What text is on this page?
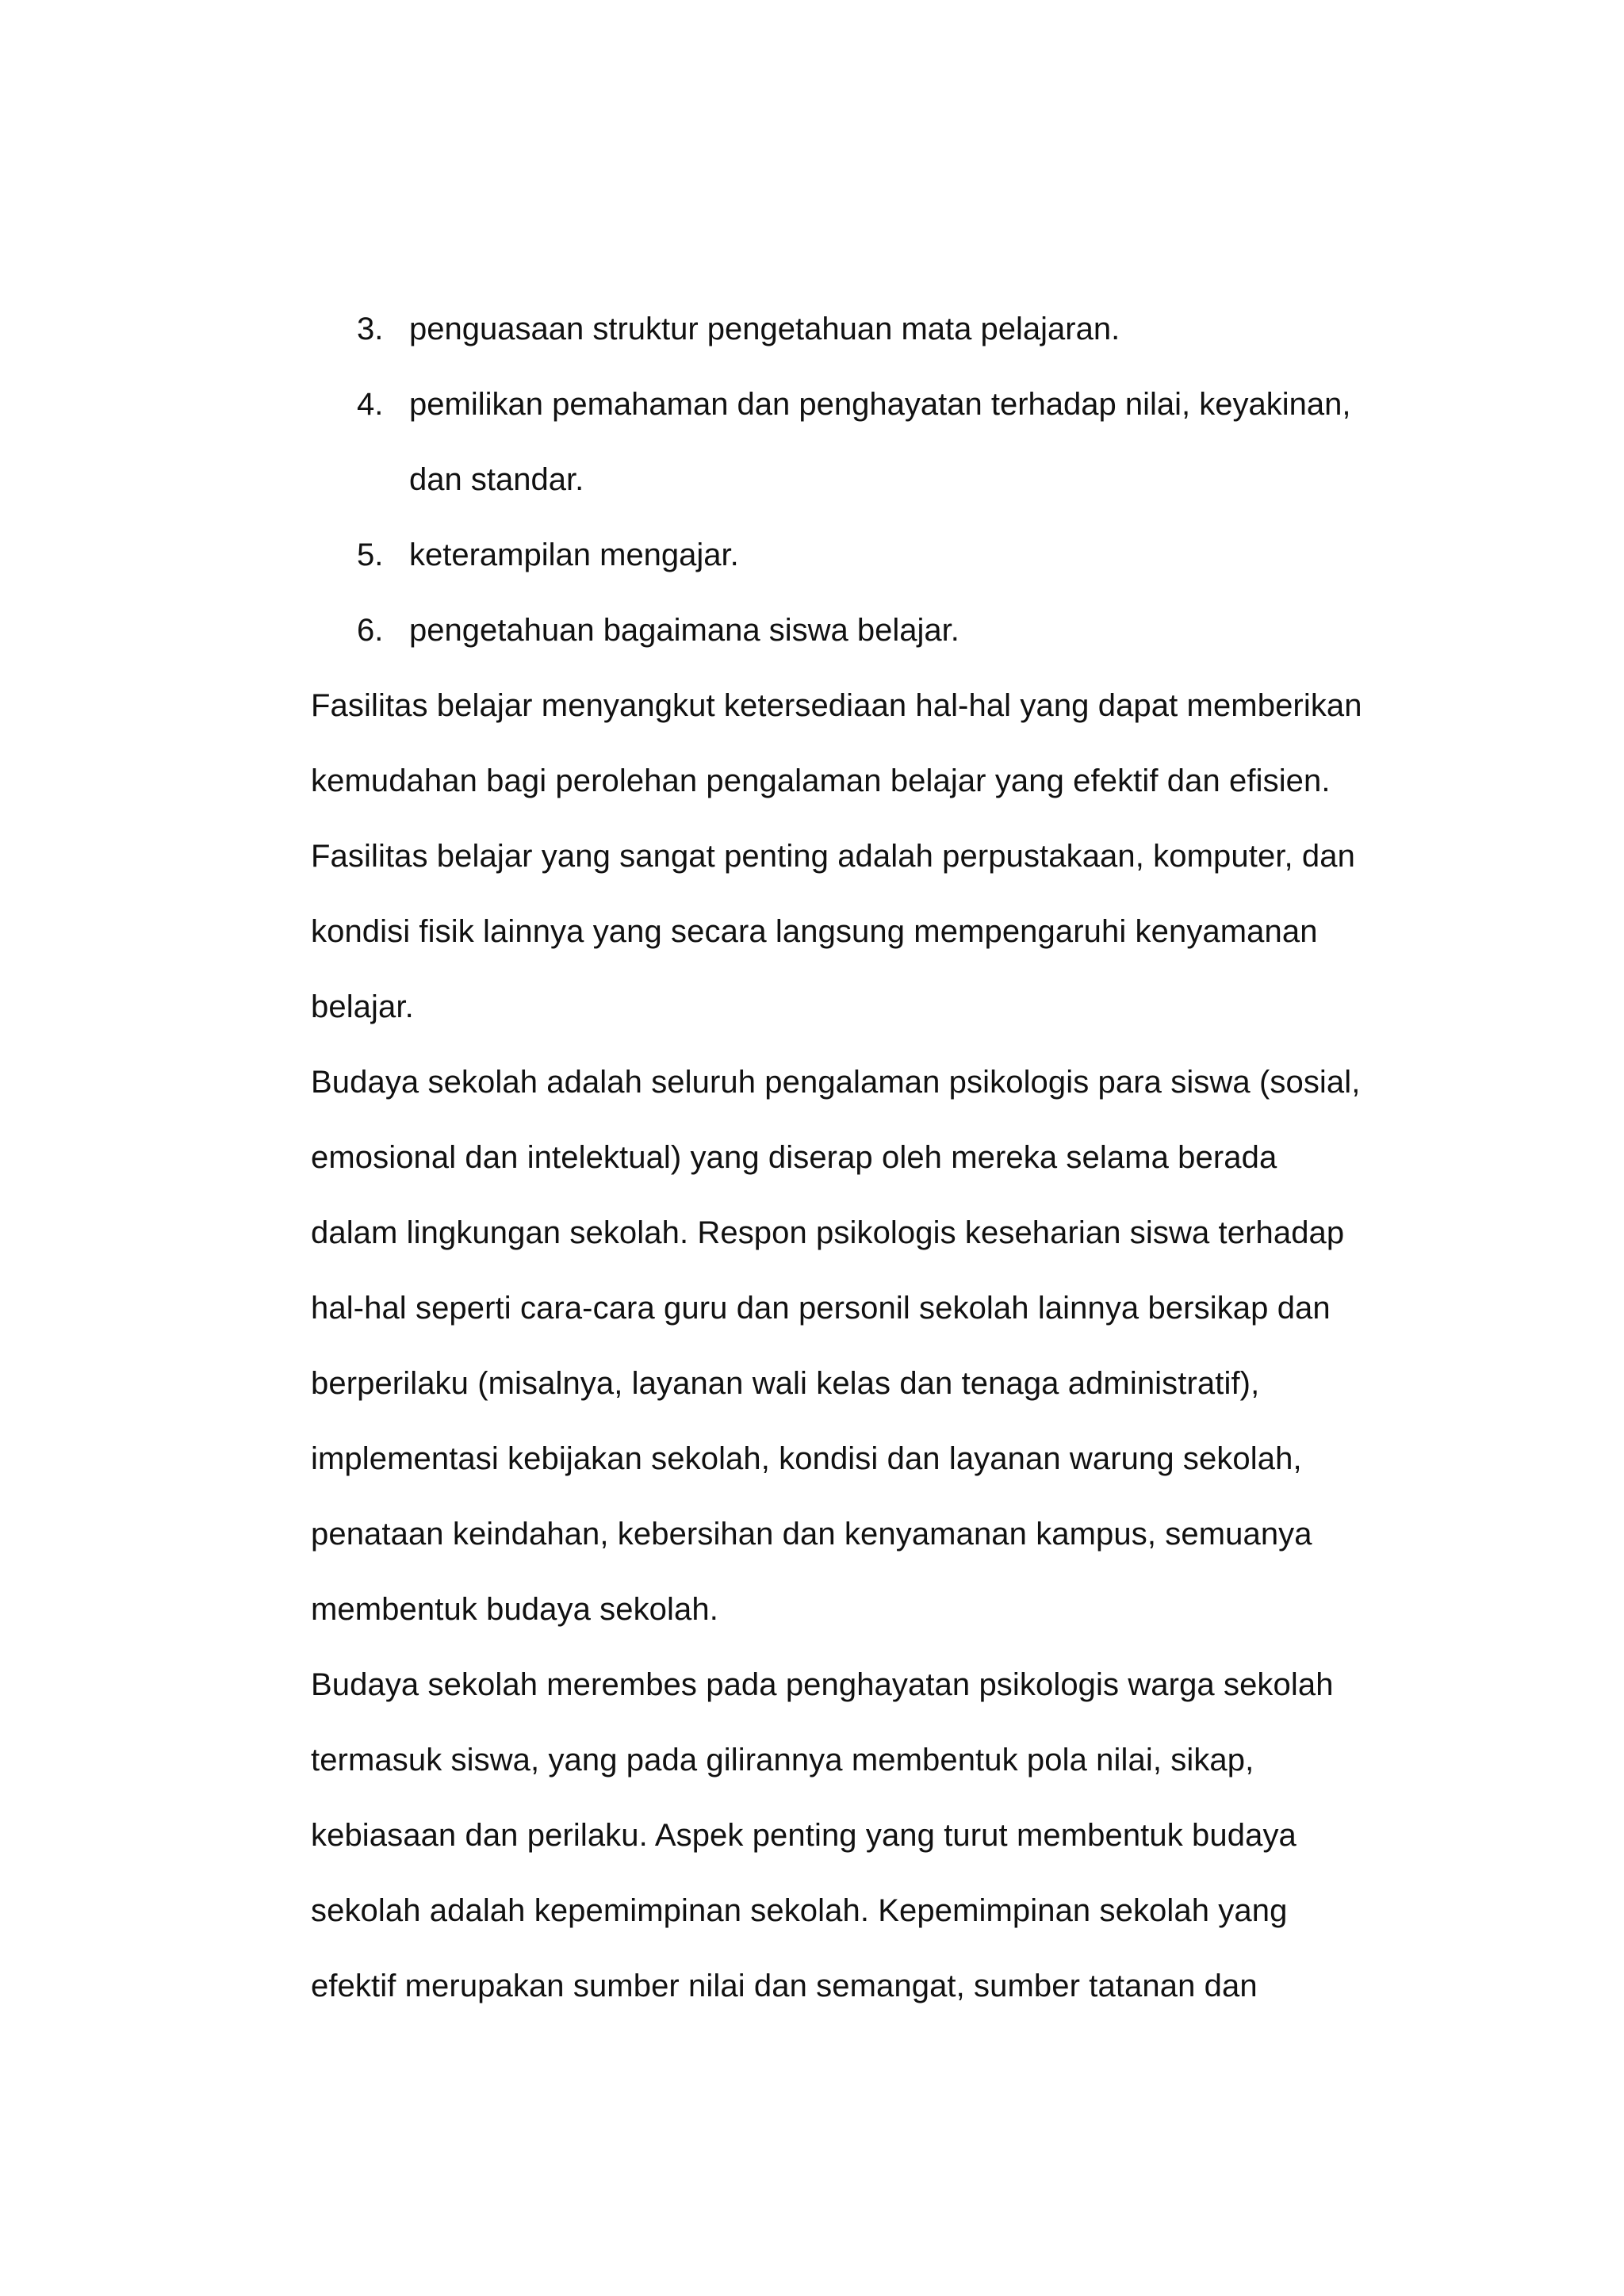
3. penguasaan struktur pengetahuan mata pelajaran.
4. pemilikan pemahaman dan penghayatan terhadap nilai, keyakinan,
dan standar.
5. keterampilan mengajar.
6. pengetahuan bagaimana siswa belajar.
Fasilitas belajar menyangkut ketersediaan hal-hal yang dapat memberikan
kemudahan bagi perolehan pengalaman belajar yang efektif dan efisien.
Fasilitas belajar yang sangat penting adalah perpustakaan, komputer, dan
kondisi fisik lainnya yang secara langsung mempengaruhi kenyamanan
belajar.
Budaya sekolah adalah seluruh pengalaman psikologis para siswa (sosial,
emosional dan intelektual) yang diserap oleh mereka selama berada
dalam lingkungan sekolah. Respon psikologis keseharian siswa terhadap
hal-hal seperti cara-cara guru dan personil sekolah lainnya bersikap dan
berperilaku (misalnya, layanan wali kelas dan tenaga administratif),
implementasi kebijakan sekolah, kondisi dan layanan warung sekolah,
penataan keindahan, kebersihan dan kenyamanan kampus, semuanya
membentuk budaya sekolah.
Budaya sekolah merembes pada penghayatan psikologis warga sekolah
termasuk siswa, yang pada gilirannya membentuk pola nilai, sikap,
kebiasaan dan perilaku. Aspek penting yang turut membentuk budaya
sekolah adalah kepemimpinan sekolah. Kepemimpinan sekolah yang
efektif merupakan sumber nilai dan semangat, sumber tatanan dan
